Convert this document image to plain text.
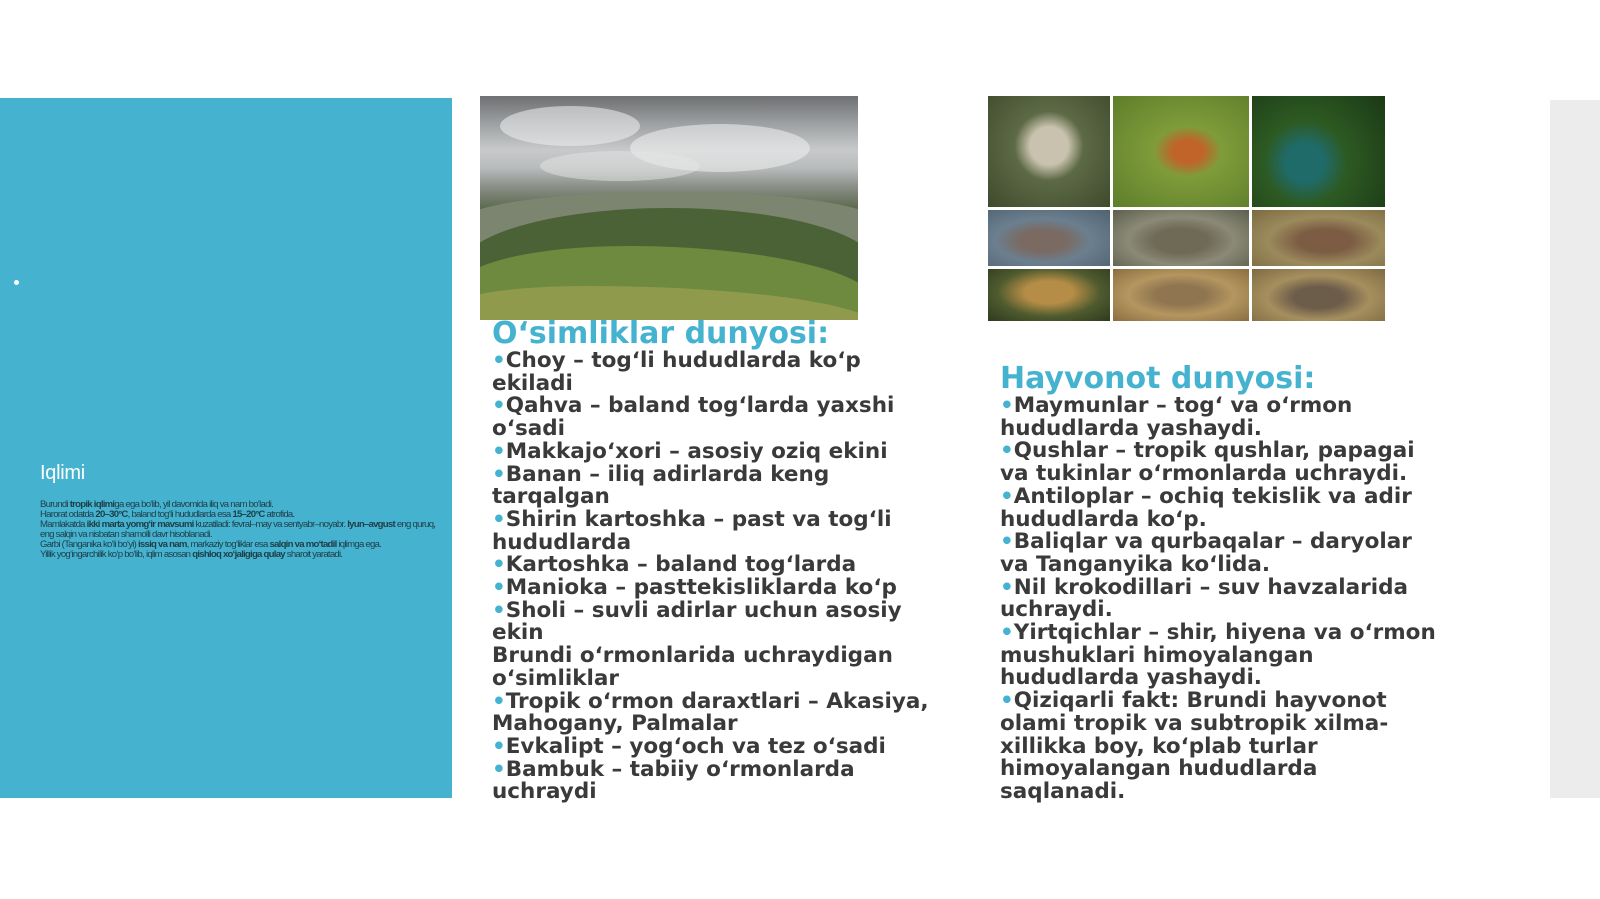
Iqlimi

Burundi tropik iqlimiga ega bo‘lib, yil davomida iliq va nam bo‘ladi.

Harorat odatda 20–30°C, baland tog‘li hududlarda esa 15–20°C atrofida.

Mamlakatda ikki marta yomg‘ir mavsumi kuzatiladi: fevral–may va sentyabr–noyabr. Iyun–avgust eng quruq, eng salqin va nisbatan shamolli davr hisoblanadi.

Garbi (Tanganika ko‘li bo‘yi) issiq va nam, markaziy tog‘liklar esa salqin va mo‘tadil iqlimga ega.

Yillik yog‘ingarchilik ko‘p bo‘lib, iqlim asosan qishloq xo‘jaligiga qulay sharoit yaratadi.

O‘simliklar dunyosi:
•Choy – tog‘li hududlarda ko‘p ekiladi
•Qahva – baland tog‘larda yaxshi o‘sadi
•Makkajo‘xori – asosiy oziq ekini
•Banan – iliq adirlarda keng tarqalgan
•Shirin kartoshka – past va tog‘li hududlarda
•Kartoshka – baland tog‘larda
•Manioka – pasttekisliklarda ko‘p
•Sholi – suvli adirlar uchun asosiy ekin
Brundi o‘rmonlarida uchraydigan o‘simliklar
•Tropik o‘rmon daraxtlari – Akasiya, Mahogany, Palmalar
•Evkalipt – yog‘och va tez o‘sadi
•Bambuk – tabiiy o‘rmonlarda uchraydi
Hayvonot dunyosi:
•Maymunlar – tog‘ va o‘rmon hududlarda yashaydi.
•Qushlar – tropik qushlar, papagai va tukinlar o‘rmonlarda uchraydi.
•Antiloplar – ochiq tekislik va adir hududlarda ko‘p.
•Baliqlar va qurbaqalar – daryolar va Tanganyika ko‘lida.
•Nil krokodillari – suv havzalarida uchraydi.
•Yirtqichlar – shir, hiyena va o‘rmon mushuklari himoyalangan hududlarda yashaydi.
•Qiziqarli fakt: Brundi hayvonot olami tropik va subtropik xilma-xillikka boy, ko‘plab turlar himoyalangan hududlarda saqlanadi.
